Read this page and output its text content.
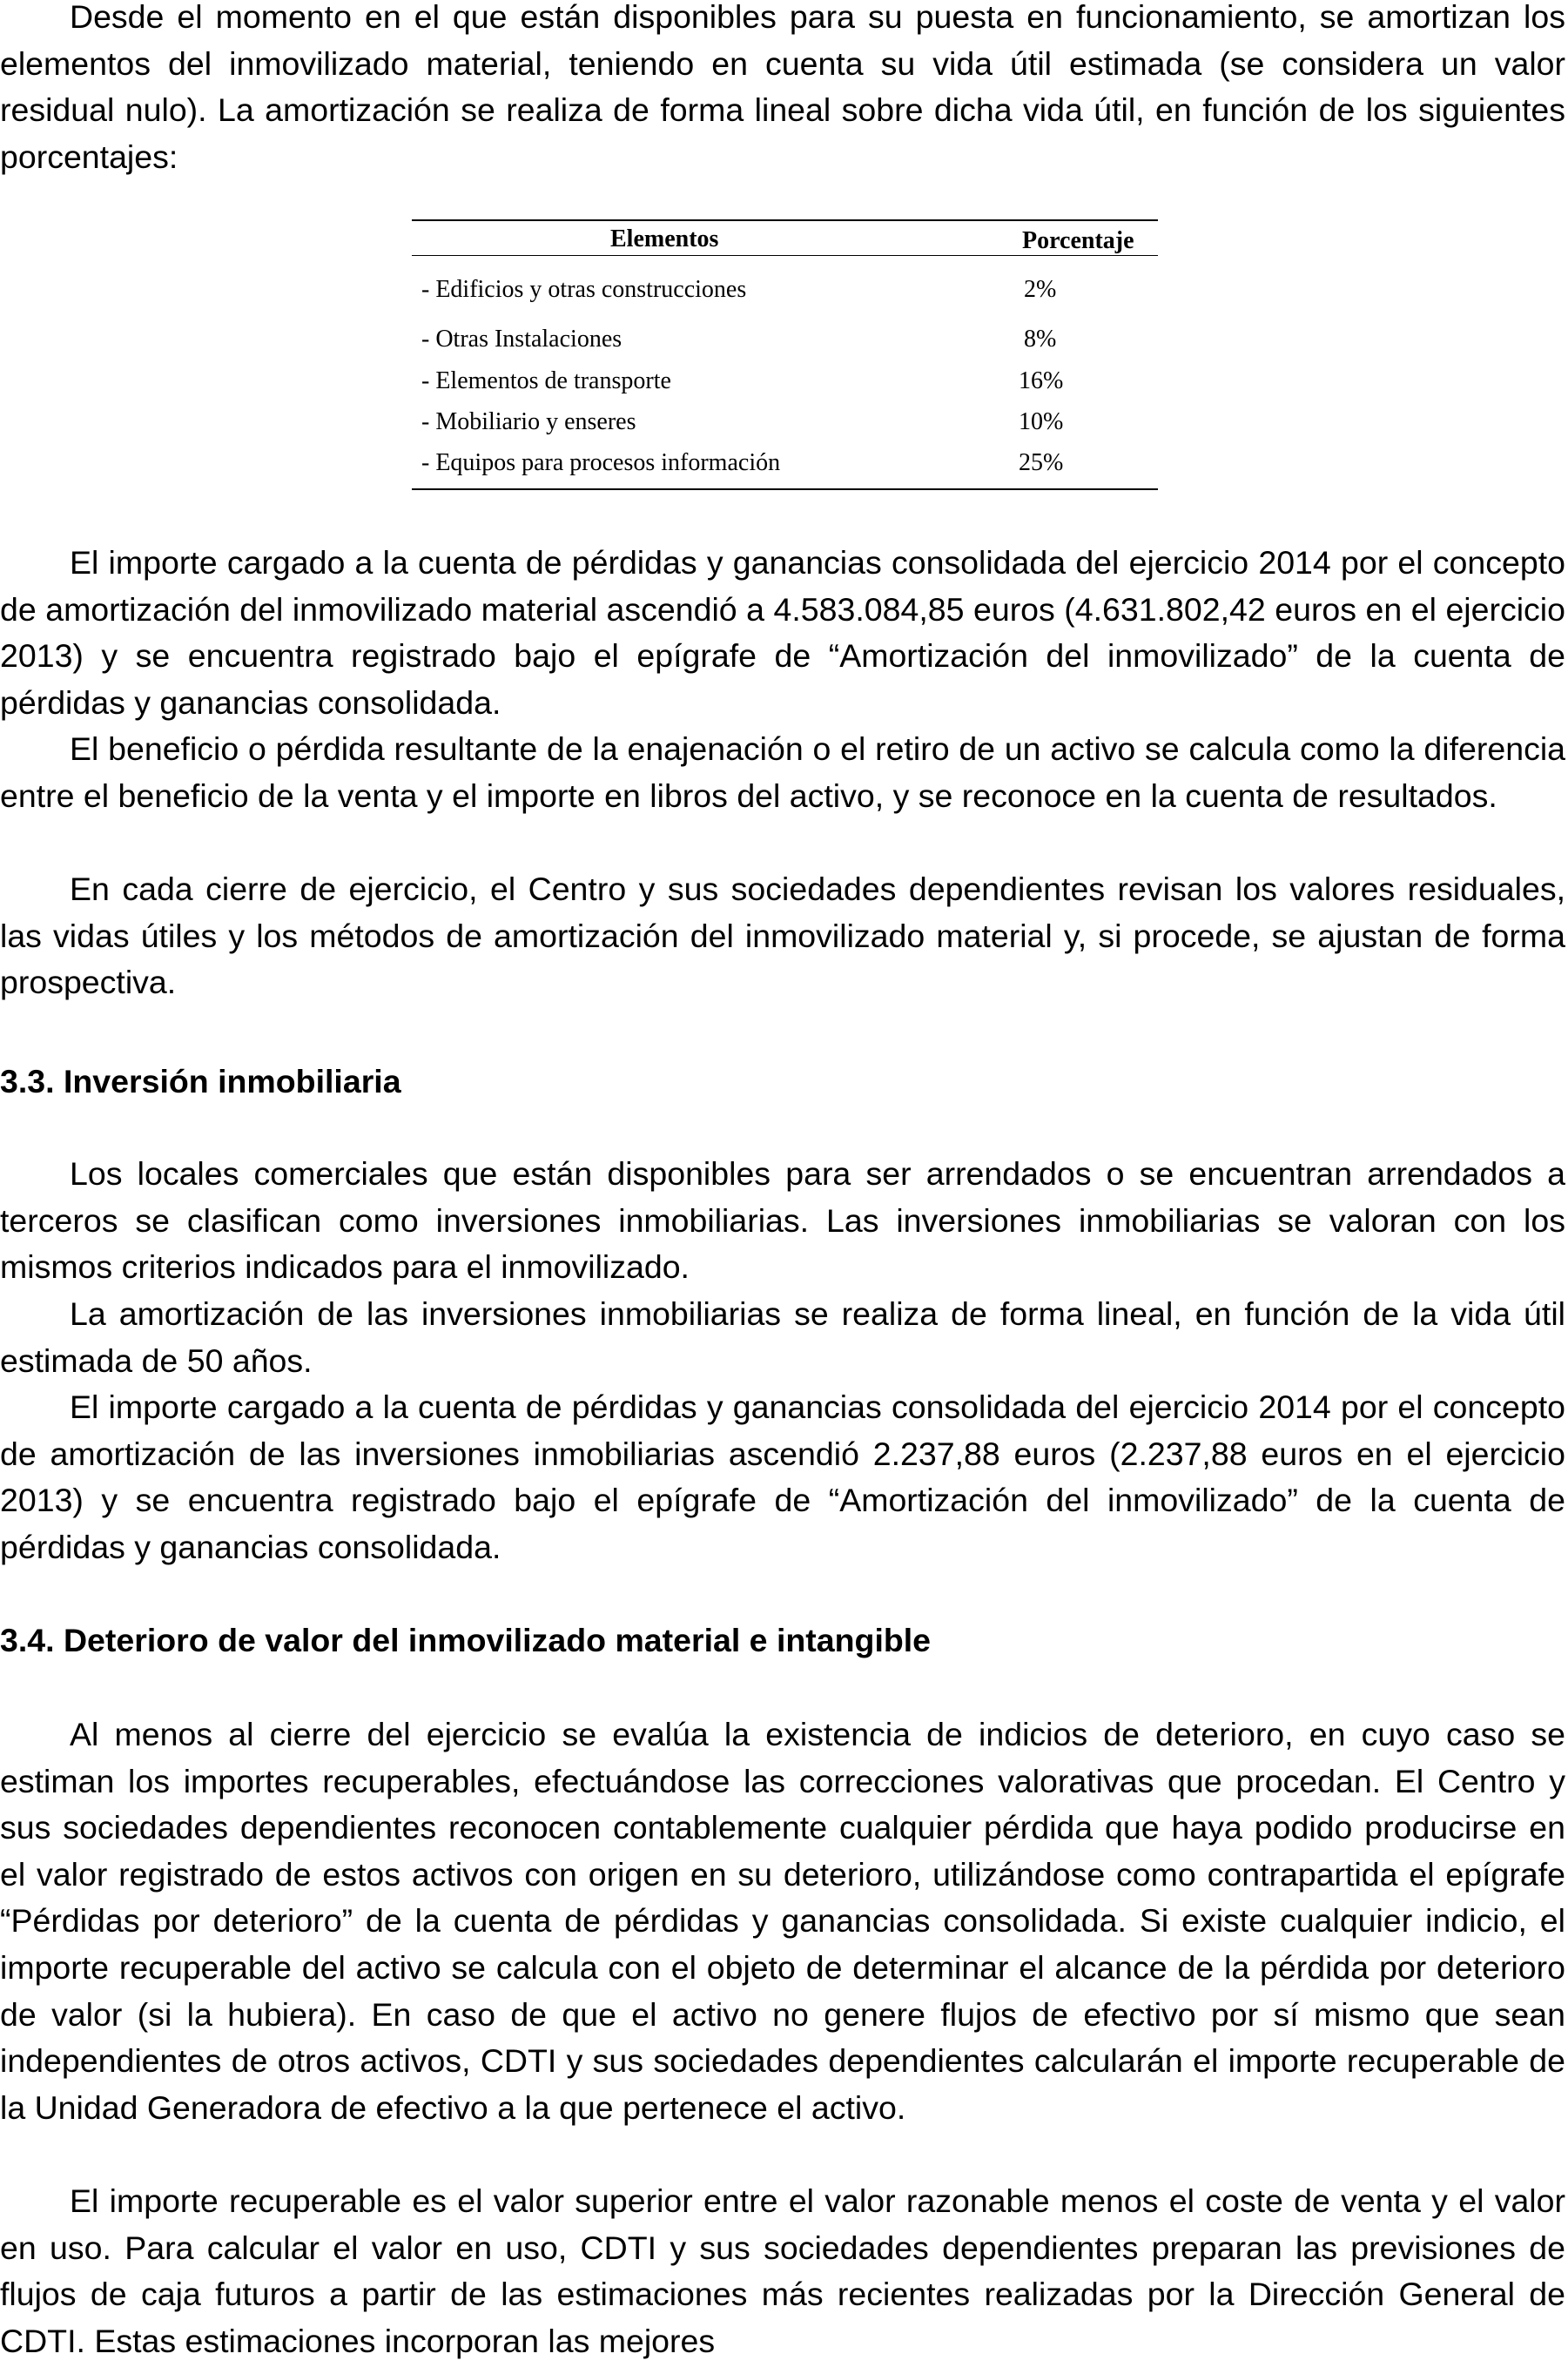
Desde el momento en el que están disponibles para su puesta en funcionamiento, se amortizan los elementos del inmovilizado material, teniendo en cuenta su vida útil estimada (se considera un valor residual nulo). La amortización se realiza de forma lineal sobre dicha vida útil, en función de los siguientes porcentajes:

Elementos	Porcentaje
- Edificios y otras construcciones	2%
- Otras Instalaciones	8%
- Elementos de transporte	16%
- Mobiliario y enseres	10%
- Equipos para procesos información	25%

El importe cargado a la cuenta de pérdidas y ganancias consolidada del ejercicio 2014 por el concepto de amortización del inmovilizado material ascendió a 4.583.084,85 euros (4.631.802,42 euros en el ejercicio 2013) y se encuentra registrado bajo el epígrafe de “Amortización del inmovilizado” de la cuenta de pérdidas y ganancias consolidada.

El beneficio o pérdida resultante de la enajenación o el retiro de un activo se calcula como la diferencia entre el beneficio de la venta y el importe en libros del activo, y se reconoce en la cuenta de resultados.

En cada cierre de ejercicio, el Centro y sus sociedades dependientes revisan los valores residuales, las vidas útiles y los métodos de amortización del inmovilizado material y, si procede, se ajustan de forma prospectiva.

3.3. Inversión inmobiliaria

Los locales comerciales que están disponibles para ser arrendados o se encuentran arrendados a terceros se clasifican como inversiones inmobiliarias. Las inversiones inmobiliarias se valoran con los mismos criterios indicados para el inmovilizado.

La amortización de las inversiones inmobiliarias se realiza de forma lineal, en función de la vida útil estimada de 50 años.

El importe cargado a la cuenta de pérdidas y ganancias consolidada del ejercicio 2014 por el concepto de amortización de las inversiones inmobiliarias ascendió 2.237,88 euros (2.237,88 euros en el ejercicio 2013) y se encuentra registrado bajo el epígrafe de “Amortización del inmovilizado” de la cuenta de pérdidas y ganancias consolidada.

3.4. Deterioro de valor del inmovilizado material e intangible

Al menos al cierre del ejercicio se evalúa la existencia de indicios de deterioro, en cuyo caso se estiman los importes recuperables, efectuándose las correcciones valorativas que procedan. El Centro y sus sociedades dependientes reconocen contablemente cualquier pérdida que haya podido producirse en el valor registrado de estos activos con origen en su deterioro, utilizándose como contrapartida el epígrafe “Pérdidas por deterioro” de la cuenta de pérdidas y ganancias consolidada. Si existe cualquier indicio, el importe recuperable del activo se calcula con el objeto de determinar el alcance de la pérdida por deterioro de valor (si la hubiera). En caso de que el activo no genere flujos de efectivo por sí mismo que sean independientes de otros activos, CDTI y sus sociedades dependientes calcularán el importe recuperable de la Unidad Generadora de efectivo a la que pertenece el activo.

El importe recuperable es el valor superior entre el valor razonable menos el coste de venta y el valor en uso. Para calcular el valor en uso, CDTI y sus sociedades dependientes preparan las previsiones de flujos de caja futuros a partir de las estimaciones más recientes realizadas por la Dirección General de CDTI. Estas estimaciones incorporan las mejores
